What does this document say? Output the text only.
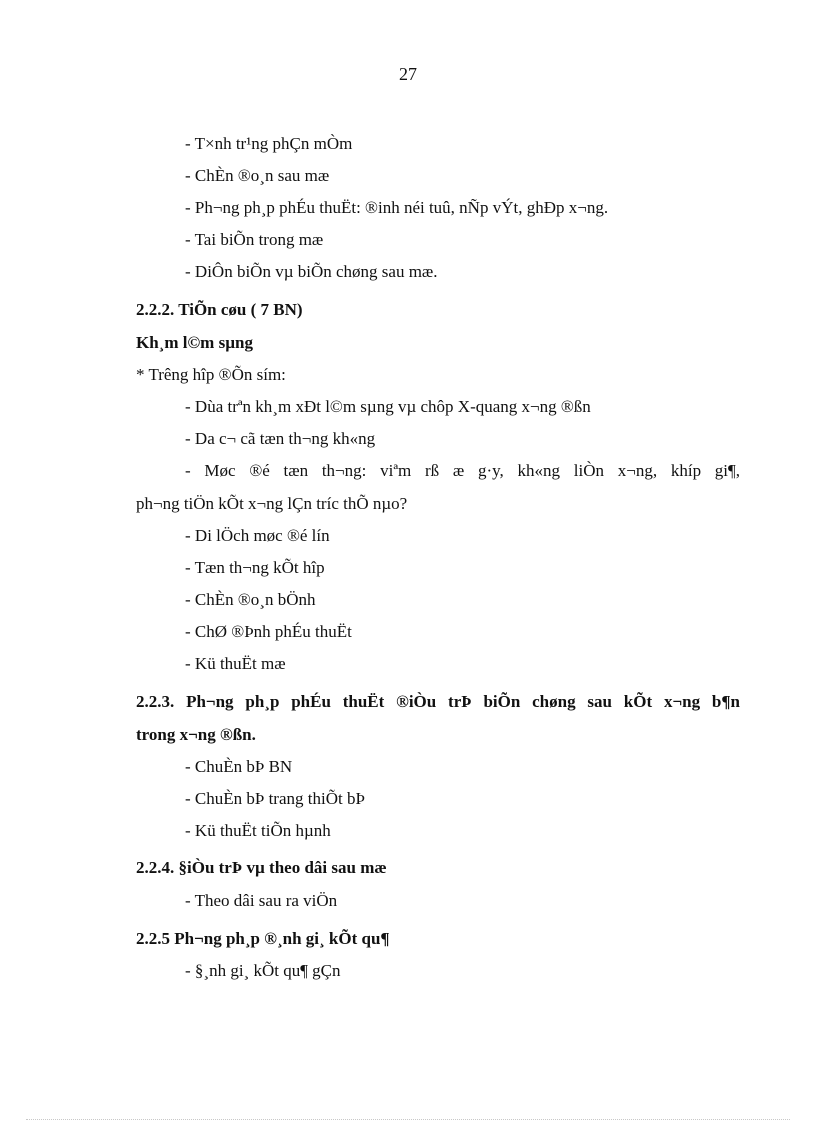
27
- T×nh tr¹ng phÇn mÒm
- ChÈn ®o¸n sau mæ
- Ph¬ng ph¸p phÉu thuËt: ®inh néi tuû, nÑp vÝt, ghÐp x¬ng.
- Tai biÕn trong mæ
- DiÔn biÕn vµ biÕn chøng sau mæ.
2.2.2. TiÕn cøu ( 7 BN)
Kh¸m l©m sµng
* Trêng hîp ®Õn sím:
- Dùa trªn kh¸m xÐt l©m sµng vµ chôp X-quang x¬ng ®ßn
- Da c¬ cã tæn th¬ng kh«ng
- Møc ®é tæn th¬ng: viªm rß æ g·y, kh«ng liÒn x¬ng, khíp gi¶,
ph¬ng tiÖn kÕt x¬ng lÇn tríc thÕ nµo?
- Di lÖch møc ®é lín
- Tæn th¬ng kÕt hîp
- ChÈn ®o¸n bÖnh
- ChØ ®Þnh phÉu thuËt
- Kü thuËt mæ
2.2.3. Ph¬ng ph¸p phÉu thuËt ®iÒu trÞ biÕn chøng sau kÕt x¬ng b¶n
trong x¬ng ®ßn.
- ChuÈn bÞ BN
- ChuÈn bÞ trang thiÕt bÞ
- Kü thuËt tiÕn hµnh
2.2.4. §iÒu trÞ vµ theo dâi sau mæ
- Theo dâi sau ra viÖn
2.2.5 Ph¬ng ph¸p ®¸nh gi¸ kÕt qu¶
- §¸nh gi¸ kÕt qu¶ gÇn
